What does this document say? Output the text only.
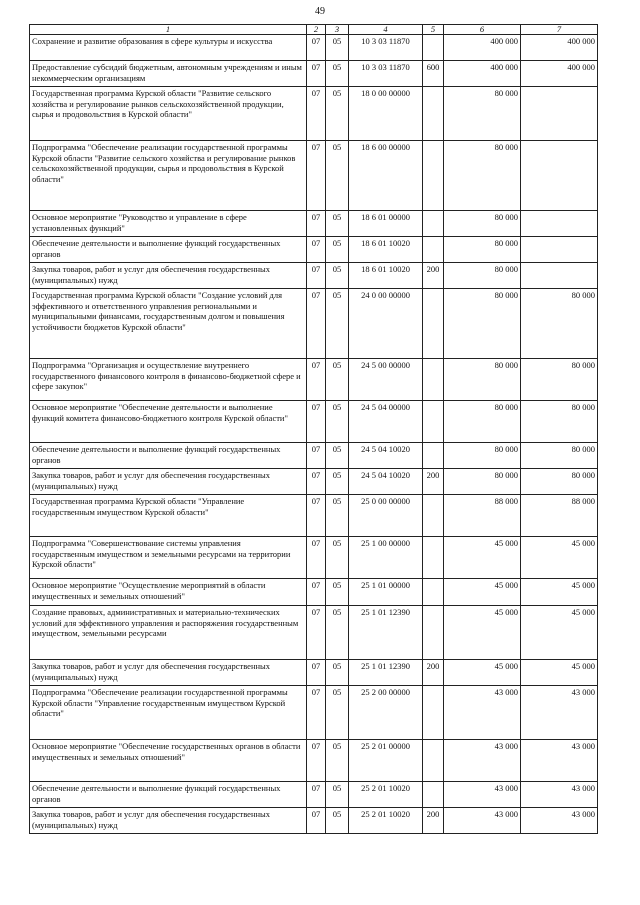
49
1	2	3	4	5	6	7
Сохранение и развитие образования в сфере культуры и искусства	07	05	10 3 03 11870		400 000	400 000
Предоставление субсидий бюджетным, автономным учреждениям и иным некоммерческим организациям	07	05	10 3 03 11870	600	400 000	400 000
Государственная программа Курской области "Развитие сельского хозяйства и регулирование рынков сельскохозяйственной продукции, сырья и продовольствия в Курской области"	07	05	18 0 00 00000		80 000	
Подпрограмма "Обеспечение реализации государственной программы Курской области "Развитие сельского хозяйства и регулирование рынков сельскохозяйственной продукции, сырья и продовольствия в Курской области"	07	05	18 6 00 00000		80 000	
Основное мероприятие "Руководство и управление в сфере установленных функций"	07	05	18 6 01 00000		80 000	
Обеспечение деятельности и выполнение функций государственных органов	07	05	18 6 01 10020		80 000	
Закупка товаров, работ и услуг для обеспечения государственных (муниципальных) нужд	07	05	18 6 01 10020	200	80 000	
Государственная программа Курской области "Создание условий для эффективного и ответственного управления региональными и муниципальными финансами, государственным долгом и повышения устойчивости бюджетов Курской области"	07	05	24 0 00 00000		80 000	80 000
Подпрограмма "Организация и осуществление внутреннего государственного финансового контроля в финансово-бюджетной сфере и сфере закупок"	07	05	24 5 00 00000		80 000	80 000
Основное мероприятие "Обеспечение деятельности и выполнение функций комитета финансово-бюджетного контроля Курской области"	07	05	24 5 04 00000		80 000	80 000
Обеспечение деятельности и выполнение функций государственных органов	07	05	24 5 04 10020		80 000	80 000
Закупка товаров, работ и услуг для обеспечения государственных (муниципальных) нужд	07	05	24 5 04 10020	200	80 000	80 000
Государственная программа Курской области "Управление государственным имуществом Курской области"	07	05	25 0 00 00000		88 000	88 000
Подпрограмма "Совершенствование системы управления государственным имуществом и земельными ресурсами на территории Курской области"	07	05	25 1 00 00000		45 000	45 000
Основное мероприятие "Осуществление мероприятий в области имущественных и земельных отношений"	07	05	25 1 01 00000		45 000	45 000
Создание правовых, административных и материально-технических условий для эффективного управления и распоряжения государственным имуществом, земельными ресурсами	07	05	25 1 01 12390		45 000	45 000
Закупка товаров, работ и услуг для обеспечения государственных (муниципальных) нужд	07	05	25 1 01 12390	200	45 000	45 000
Подпрограмма "Обеспечение реализации государственной программы Курской области "Управление государственным имуществом Курской области"	07	05	25 2 00 00000		43 000	43 000
Основное мероприятие "Обеспечение государственных органов в области имущественных и земельных отношений"	07	05	25 2 01 00000		43 000	43 000
Обеспечение деятельности и выполнение функций государственных органов	07	05	25 2 01 10020		43 000	43 000
Закупка товаров, работ и услуг для обеспечения государственных (муниципальных) нужд	07	05	25 2 01 10020	200	43 000	43 000
